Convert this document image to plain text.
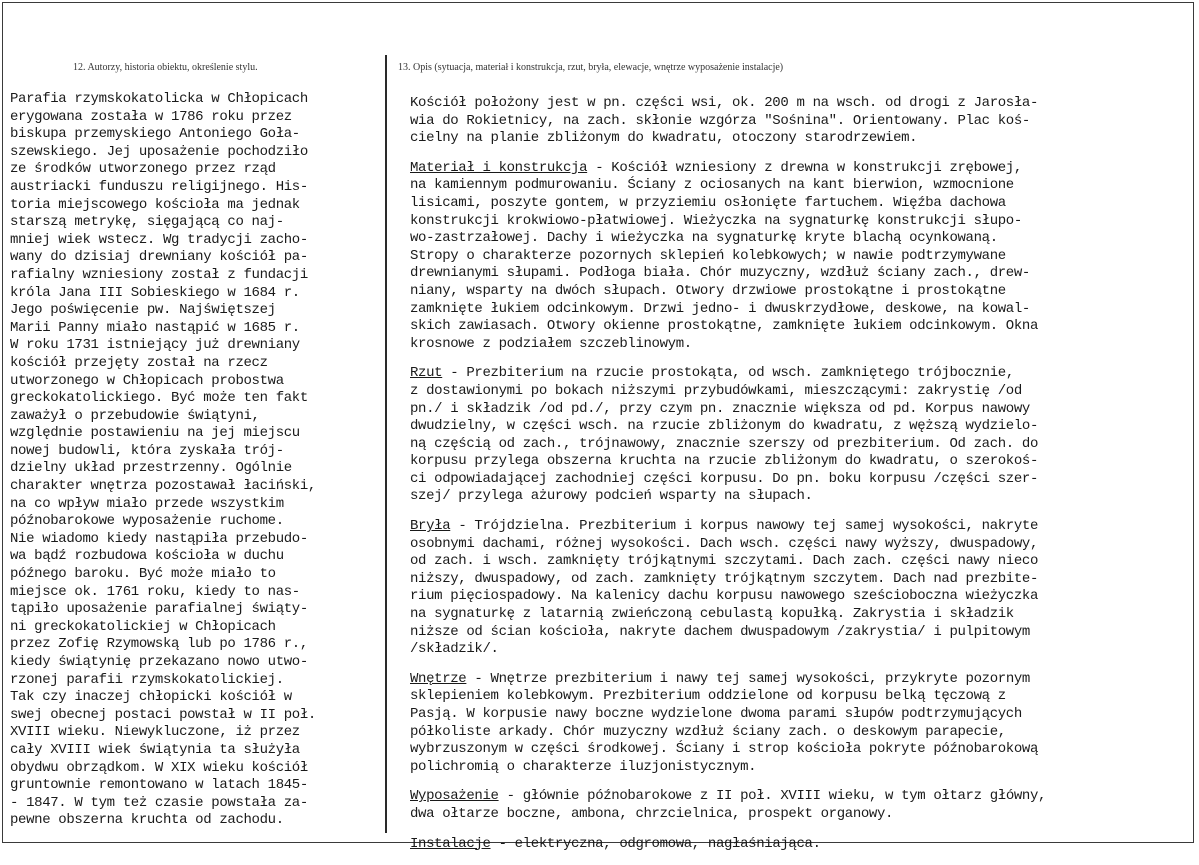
12. Autorzy, historia obiektu, określenie stylu.	13. Opis (sytuacja, materiał i konstrukcja, rzut, bryła, elewacje, wnętrze wyposażenie instalacje)
Parafia rzymskokatolicka w Chłopicach
erygowana została w 1786 roku przez
biskupa przemyskiego Antoniego Goła-
szewskiego. Jej uposażenie pochodziło
ze środków utworzonego przez rząd
austriacki funduszu religijnego. His-
toria miejscowego kościoła ma jednak
starszą metrykę, sięgającą co naj-
mniej wiek wstecz. Wg tradycji zacho-
wany do dzisiaj drewniany kościół pa-
rafialny wzniesiony został z fundacji
króla Jana III Sobieskiego w 1684 r.
Jego poświęcenie pw. Najświętszej
Marii Panny miało nastąpić w 1685 r.
W roku 1731 istniejący już drewniany
kościół przejęty został na rzecz
utworzonego w Chłopicach probostwa
greckokatolickiego. Być może ten fakt
zaważył o przebudowie świątyni,
względnie postawieniu na jej miejscu
nowej budowli, która zyskała trój-
dzielny układ przestrzenny. Ogólnie
charakter wnętrza pozostawał łaciński,
na co wpływ miało przede wszystkim
późnobarokowe wyposażenie ruchome.
Nie wiadomo kiedy nastąpiła przebudo-
wa bądź rozbudowa kościoła w duchu
późnego baroku. Być może miało to
miejsce ok. 1761 roku, kiedy to nas-
tąpiło uposażenie parafialnej świąty-
ni greckokatolickiej w Chłopicach
przez Zofię Rzymowską lub po 1786 r.,
kiedy świątynię przekazano nowo utwo-
rzonej parafii rzymskokatolickiej.
Tak czy inaczej chłopicki kościół w
swej obecnej postaci powstał w II poł.
XVIII wieku. Niewykluczone, iż przez
cały XVIII wiek świątynia ta służyła
obydwu obrządkom. W XIX wieku kościół
gruntownie remontowano w latach 1845-
- 1847. W tym też czasie powstała za-
pewne obszerna kruchta od zachodu.
Kościół położony jest w pn. części wsi, ok. 200 m na wsch. od drogi z Jarosła-
wia do Rokietnicy, na zach. skłonie wzgórza "Sośnina". Orientowany. Plac koś-
cielny na planie zbliżonym do kwadratu, otoczony starodrzewiem.
Materiał i konstrukcja - Kościół wzniesiony z drewna w konstrukcji zrębowej,
na kamiennym podmurowaniu. Ściany z ociosanych na kant bierwion, wzmocnione
lisicami, poszyte gontem, w przyziemiu osłonięte fartuchem. Więźba dachowa
konstrukcji krokwiowo-płatwiowej. Wieżyczka na sygnaturkę konstrukcji słupo-
wo-zastrzałowej. Dachy i wieżyczka na sygnaturkę kryte blachą ocynkowaną.
Stropy o charakterze pozornych sklepień kolebkowych; w nawie podtrzymywane
drewnianymi słupami. Podłoga biała. Chór muzyczny, wzdłuż ściany zach., drew-
niany, wsparty na dwóch słupach. Otwory drzwiowe prostokątne i prostokątne
zamknięte łukiem odcinkowym. Drzwi jedno- i dwuskrzydłowe, deskowe, na kowal-
skich zawiasach. Otwory okienne prostokątne, zamknięte łukiem odcinkowym. Okna
krosnowe z podziałem szczeblinowym.
Rzut - Prezbiterium na rzucie prostokąta, od wsch. zamkniętego trójbocznie,
z dostawionymi po bokach niższymi przybudówkami, mieszczącymi: zakrystię /od
pn./ i składzik /od pd./, przy czym pn. znacznie większa od pd. Korpus nawowy
dwudzielny, w części wsch. na rzucie zbliżonym do kwadratu, z węższą wydzielo-
ną częścią od zach., trójnawowy, znacznie szerszy od prezbiterium. Od zach. do
korpusu przylega obszerna kruchta na rzucie zbliżonym do kwadratu, o szerokoś-
ci odpowiadającej zachodniej części korpusu. Do pn. boku korpusu /części szer-
szej/ przylega ażurowy podcień wsparty na słupach.
Bryła - Trójdzielna. Prezbiterium i korpus nawowy tej samej wysokości, nakryte
osobnymi dachami, różnej wysokości. Dach wsch. części nawy wyższy, dwuspadowy,
od zach. i wsch. zamknięty trójkątnymi szczytami. Dach zach. części nawy nieco
niższy, dwuspadowy, od zach. zamknięty trójkątnym szczytem. Dach nad prezbite-
rium pięciospadowy. Na kalenicy dachu korpusu nawowego sześcioboczna wieżyczka
na sygnaturkę z latarnią zwieńczoną cebulastą kopułką. Zakrystia i składzik
niższe od ścian kościoła, nakryte dachem dwuspadowym /zakrystia/ i pulpitowym
/składzik/.
Wnętrze - Wnętrze prezbiterium i nawy tej samej wysokości, przykryte pozornym
sklepieniem kolebkowym. Prezbiterium oddzielone od korpusu belką tęczową z
Pasją. W korpusie nawy boczne wydzielone dwoma parami słupów podtrzymujących
półkoliste arkady. Chór muzyczny wzdłuż ściany zach. o deskowym parapecie,
wybrzuszonym w części środkowej. Ściany i strop kościoła pokryte późnobarokową
polichromią o charakterze iluzjonistycznym.
Wyposażenie - głównie późnobarokowe z II poł. XVIII wieku, w tym ołtarz główny,
dwa ołtarze boczne, ambona, chrzcielnica, prospekt organowy.
Instalacje - elektryczna, odgromowa, nagłaśniająca.
